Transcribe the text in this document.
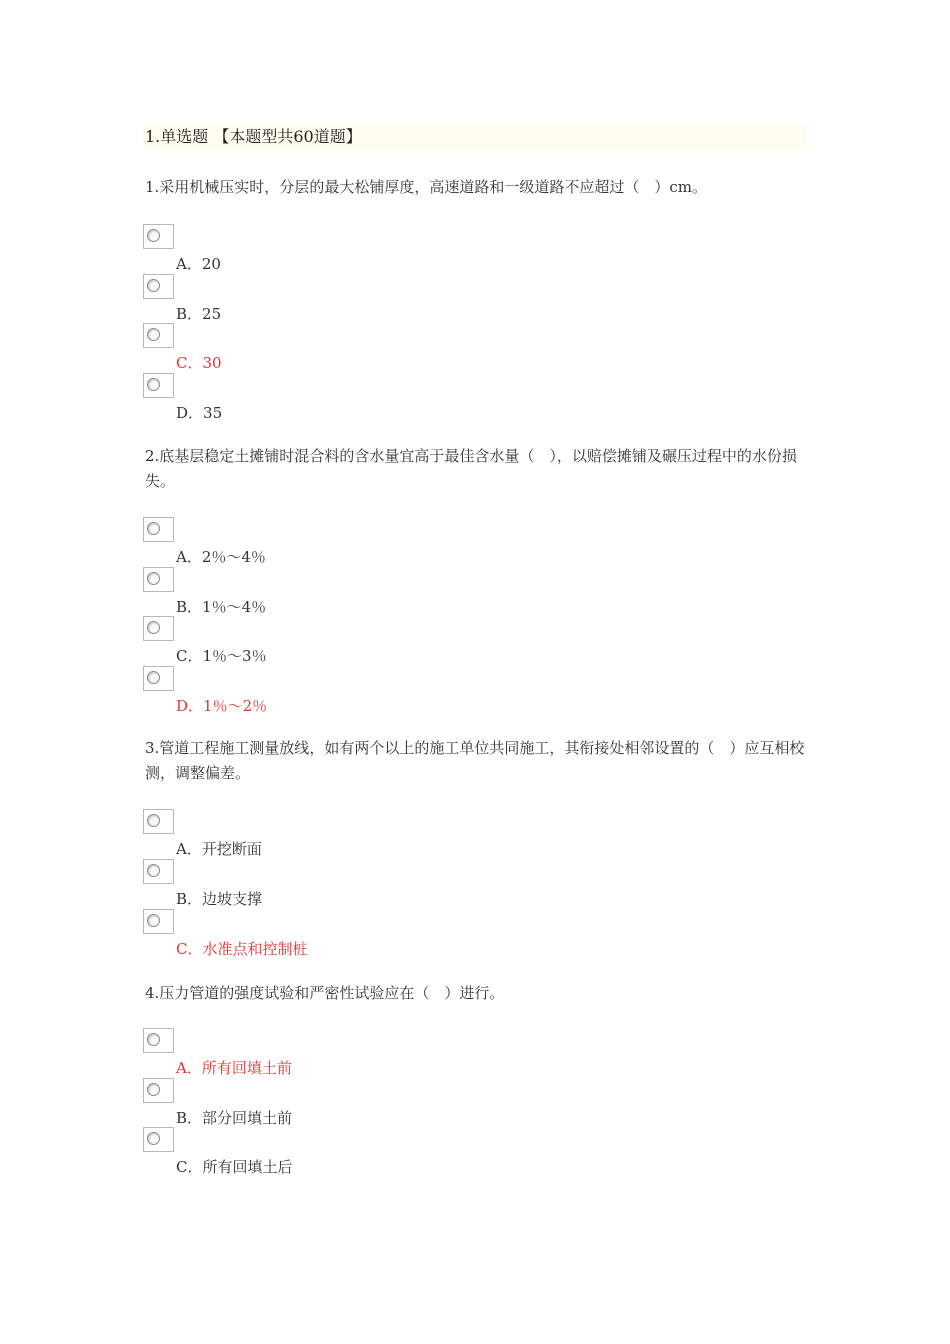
1.单选题 【本题型共60道题】
1.采用机械压实时，分层的最大松铺厚度，高速道路和一级道路不应超过（　）cm。
A．20
B．25
C．30
D．35
2.底基层稳定土摊铺时混合料的含水量宜高于最佳含水量（　），以赔偿摊铺及碾压过程中的水份损失。
A．2％～4％
B．1％～4％
C．1％～3％
D．1％～2％
3.管道工程施工测量放线，如有两个以上的施工单位共同施工，其衔接处相邻设置的（　）应互相校测，调整偏差。
A．开挖断面
B．边坡支撑
C．水准点和控制桩
4.压力管道的强度试验和严密性试验应在（　）进行。
A．所有回填土前
B．部分回填土前
C．所有回填土后
